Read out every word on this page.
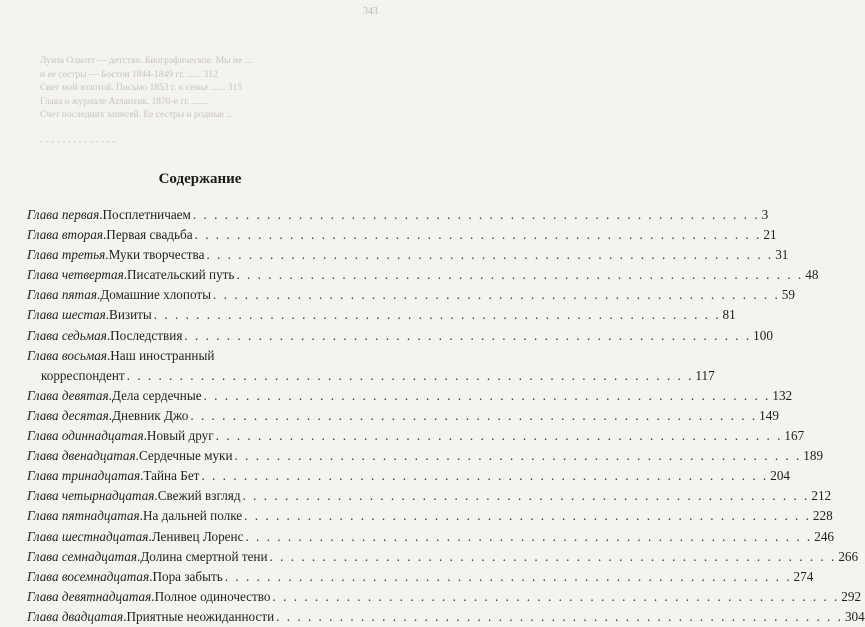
343
Луиза Олкотт — детство. Биографическое. Мы не ...
и ее сестры — Бостон 1844-1849 гг. ...... 312
Свет мой золотой. Письмо 1853 г. к семье ...... 315
Глава о журнале Атлантик. 1870-е гг. .......
Счет последних записей. Ее сестры и родные ...

- - - - - - - - - - - - - -
Содержание
Глава первая . Посплетничаем . . . . . . . . . . . . . . . . . . . . . . . . . . . . . . . . . . . . . . . . . . . . . . . . . . . . . . 3
Глава вторая . Первая свадьба . . . . . . . . . . . . . . . . . . . . . . . . . . . . . . . . . . . . . . . . . . . . . . . . . . . . . . 21
Глава третья . Муки творчества . . . . . . . . . . . . . . . . . . . . . . . . . . . . . . . . . . . . . . . . . . . . . . . . . . . . . . 31
Глава четвертая . Писательский путь . . . . . . . . . . . . . . . . . . . . . . . . . . . . . . . . . . . . . . . . . . . . . . . . . . . . . . 48
Глава пятая . Домашние хлопоты . . . . . . . . . . . . . . . . . . . . . . . . . . . . . . . . . . . . . . . . . . . . . . . . . . . . . . 59
Глава шестая . Визиты . . . . . . . . . . . . . . . . . . . . . . . . . . . . . . . . . . . . . . . . . . . . . . . . . . . . . . 81
Глава седьмая . Последствия . . . . . . . . . . . . . . . . . . . . . . . . . . . . . . . . . . . . . . . . . . . . . . . . . . . . . . 100
Глава восьмая . Наш иностранный
корреспондент . . . . . . . . . . . . . . . . . . . . . . . . . . . . . . . . . . . . . . . . . . . . . . . . . . . . . . 117
Глава девятая . Дела сердечные . . . . . . . . . . . . . . . . . . . . . . . . . . . . . . . . . . . . . . . . . . . . . . . . . . . . . . 132
Глава десятая . Дневник Джо . . . . . . . . . . . . . . . . . . . . . . . . . . . . . . . . . . . . . . . . . . . . . . . . . . . . . . 149
Глава одиннадцатая . Новый друг . . . . . . . . . . . . . . . . . . . . . . . . . . . . . . . . . . . . . . . . . . . . . . . . . . . . . . 167
Глава двенадцатая . Сердечные муки . . . . . . . . . . . . . . . . . . . . . . . . . . . . . . . . . . . . . . . . . . . . . . . . . . . . . . 189
Глава тринадцатая . Тайна Бет . . . . . . . . . . . . . . . . . . . . . . . . . . . . . . . . . . . . . . . . . . . . . . . . . . . . . . 204
Глава четырнадцатая . Свежий взгляд . . . . . . . . . . . . . . . . . . . . . . . . . . . . . . . . . . . . . . . . . . . . . . . . . . . . . . 212
Глава пятнадцатая . На дальней полке . . . . . . . . . . . . . . . . . . . . . . . . . . . . . . . . . . . . . . . . . . . . . . . . . . . . . . 228
Глава шестнадцатая . Ленивец Лоренс . . . . . . . . . . . . . . . . . . . . . . . . . . . . . . . . . . . . . . . . . . . . . . . . . . . . . . 246
Глава семнадцатая . Долина смертной тени . . . . . . . . . . . . . . . . . . . . . . . . . . . . . . . . . . . . . . . . . . . . . . . . . . . . . . 266
Глава восемнадцатая . Пора забыть . . . . . . . . . . . . . . . . . . . . . . . . . . . . . . . . . . . . . . . . . . . . . . . . . . . . . . 274
Глава девятнадцатая . Полное одиночество . . . . . . . . . . . . . . . . . . . . . . . . . . . . . . . . . . . . . . . . . . . . . . . . . . . . . . 292
Глава двадцатая . Приятные неожиданности . . . . . . . . . . . . . . . . . . . . . . . . . . . . . . . . . . . . . . . . . . . . . . . . . . . . . . 304
